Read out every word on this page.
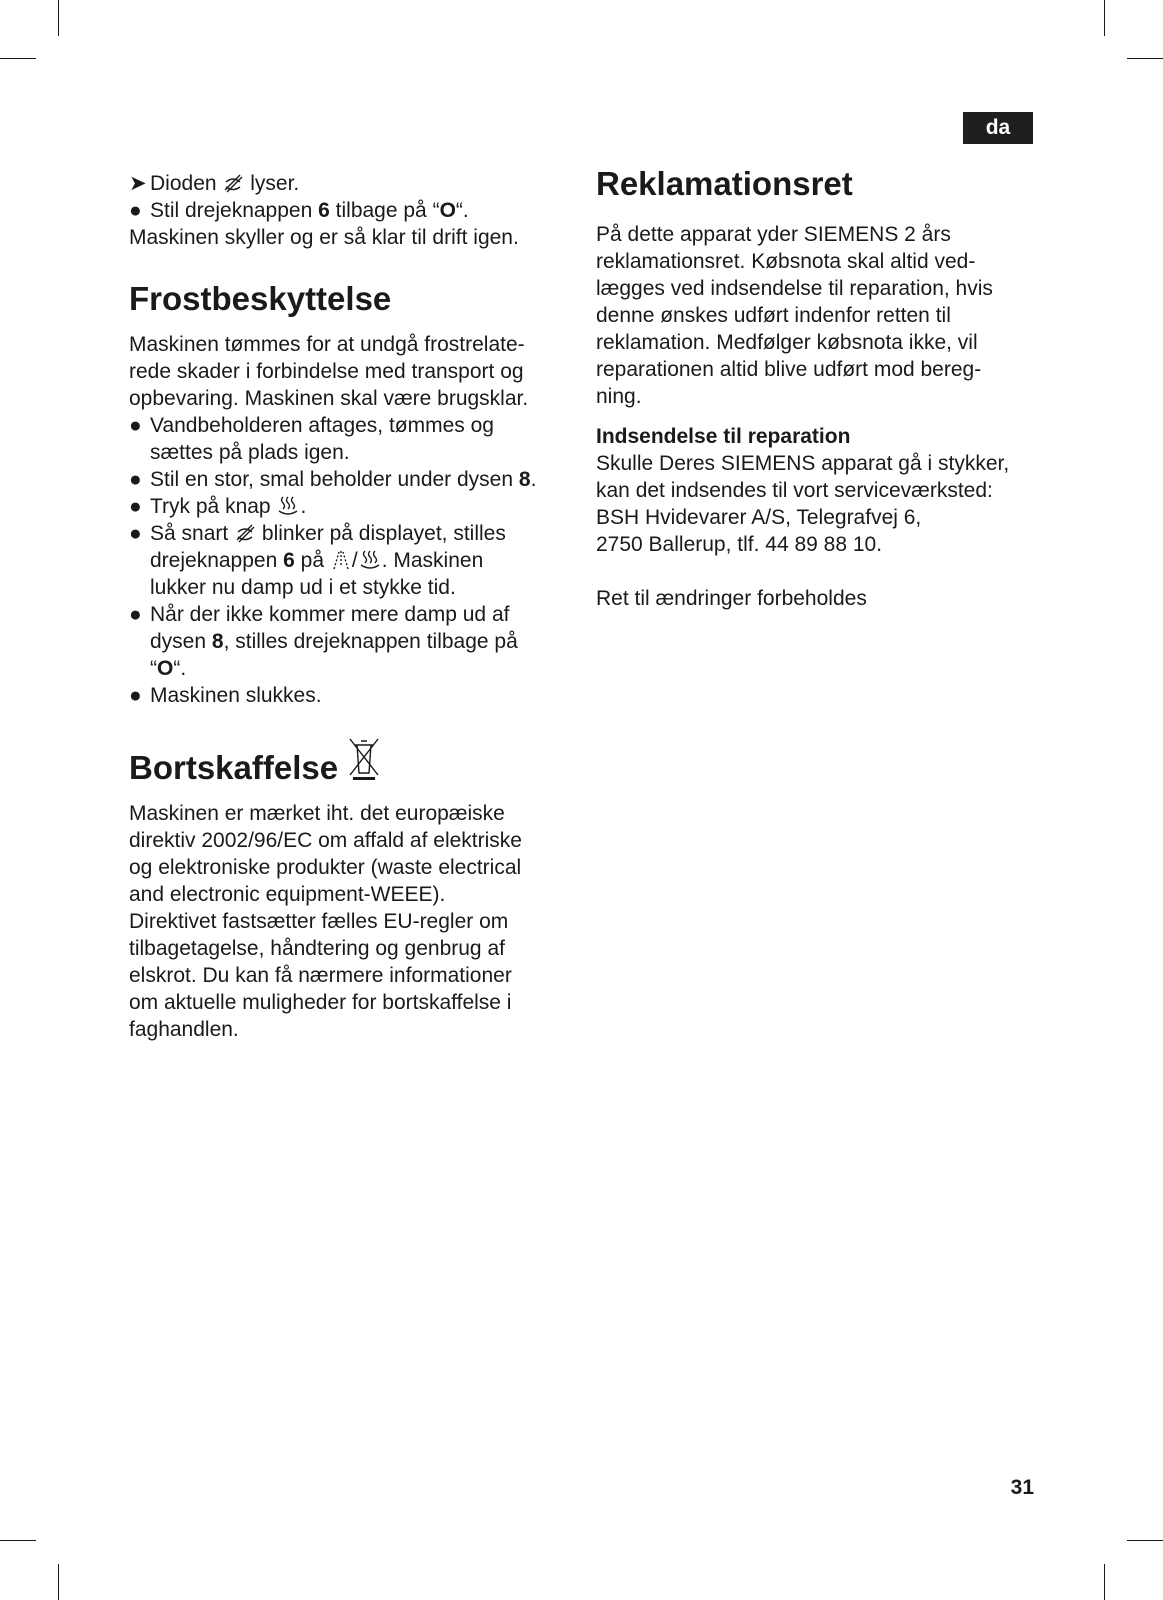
da
➤ Dioden lyser.
● Stil drejeknappen 6 tilbage på “O“.

Maskinen skyller og er så klar til drift igen.

Frostbeskyttelse

Maskinen tømmes for at undgå frostrelate-

rede skader i forbindelse med transport og

opbevaring. Maskinen skal være brugsklar.

● Vandbeholderen aftages, tømmes og
sættes på plads igen.
● Stil en stor, smal beholder under dysen 8.
● Tryk på knap .
● Så snart blinker på displayet, stilles
drejeknappen 6 på / . Maskinen
lukker nu damp ud i et stykke tid.
● Når der ikke kommer mere damp ud af
dysen 8, stilles drejeknappen tilbage på
“O“.
● Maskinen slukkes.
Bortskaffelse

Maskinen er mærket iht. det europæiske

direktiv 2002/96/EC om affald af elektriske

og elektroniske produkter (waste electrical

and electronic equipment-WEEE).

Direktivet fastsætter fælles EU-regler om

tilbagetagelse, håndtering og genbrug af

elskrot. Du kan få nærmere informationer

om aktuelle muligheder for bortskaffelse i

faghandlen.

Reklamationsret

På dette apparat yder SIEMENS 2 års

reklamationsret. Købsnota skal altid ved-

lægges ved indsendelse til reparation, hvis

denne ønskes udført indenfor retten til

reklamation. Medfølger købsnota ikke, vil

reparationen altid blive udført mod bereg-

ning.

Indsendelse til reparation

Skulle Deres SIEMENS apparat gå i stykker,

kan det indsendes til vort serviceværksted:

BSH Hvidevarer A/S, Telegrafvej 6,

2750 Ballerup, tlf. 44 89 88 10.

Ret til ændringer forbeholdes

31
